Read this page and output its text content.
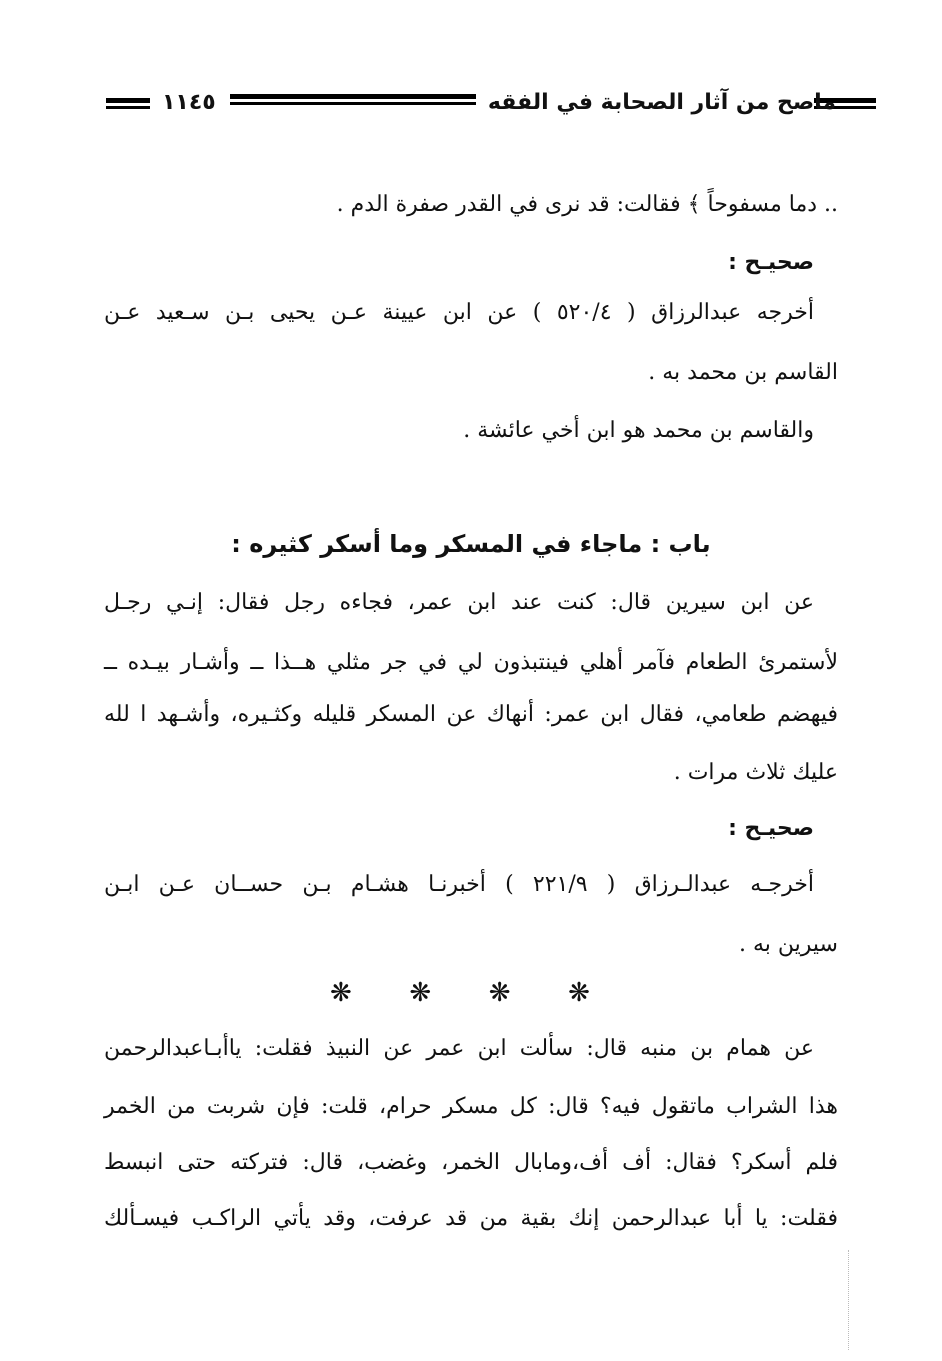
ماصح من آثار الصحابة في الفقه
١١٤٥
.. دما مسفوحاً ﴾ فقالت: قد نرى في القدر صفرة الدم .
صحيـح :
أخرجه عبدالرزاق ( ٥٢٠/٤ ) عن ابن عيينة عـن يحيى بـن سـعيد عـن
القاسم بن محمد به .
والقاسم بن محمد هو ابن أخي عائشة .
باب : ماجاء في المسكر وما أسكر كثيره :
عن ابن سيرين قال: كنت عند ابن عمر، فجاءه رجل فقال: إنـي رجـل
لأستمرئ الطعام فآمر أهلي فينتبذون لي في جر مثلي هــذا ــ وأشـار بيـده ــ
فيهضم طعامي، فقال ابن عمر: أنهاك عن المسكر قليله وكثـيره، وأشـهد ا لله
عليك ثلاث مرات .
صحيـح :
أخرجـه عبدالـرزاق ( ٢٢١/٩ ) أخبرنـا هشـام بـن حســان عـن ابـن
سيرين به .
❋ ❋ ❋ ❋
عن همام بن منبه قال: سألت ابن عمر عن النبيذ فقلت: ياأبـاعبدالرحمن
هذا الشراب ماتقول فيه؟ قال: كل مسكر حرام، قلت: فإن شربت من الخمر
فلم أسكر؟ فقال: أف أف،ومابال الخمر، وغضب، قال: فتركته حتى انبسط
فقلت: يا أبا عبدالرحمن إنك بقية من قد عرفت، وقد يأتي الراكـب فيسـألك
